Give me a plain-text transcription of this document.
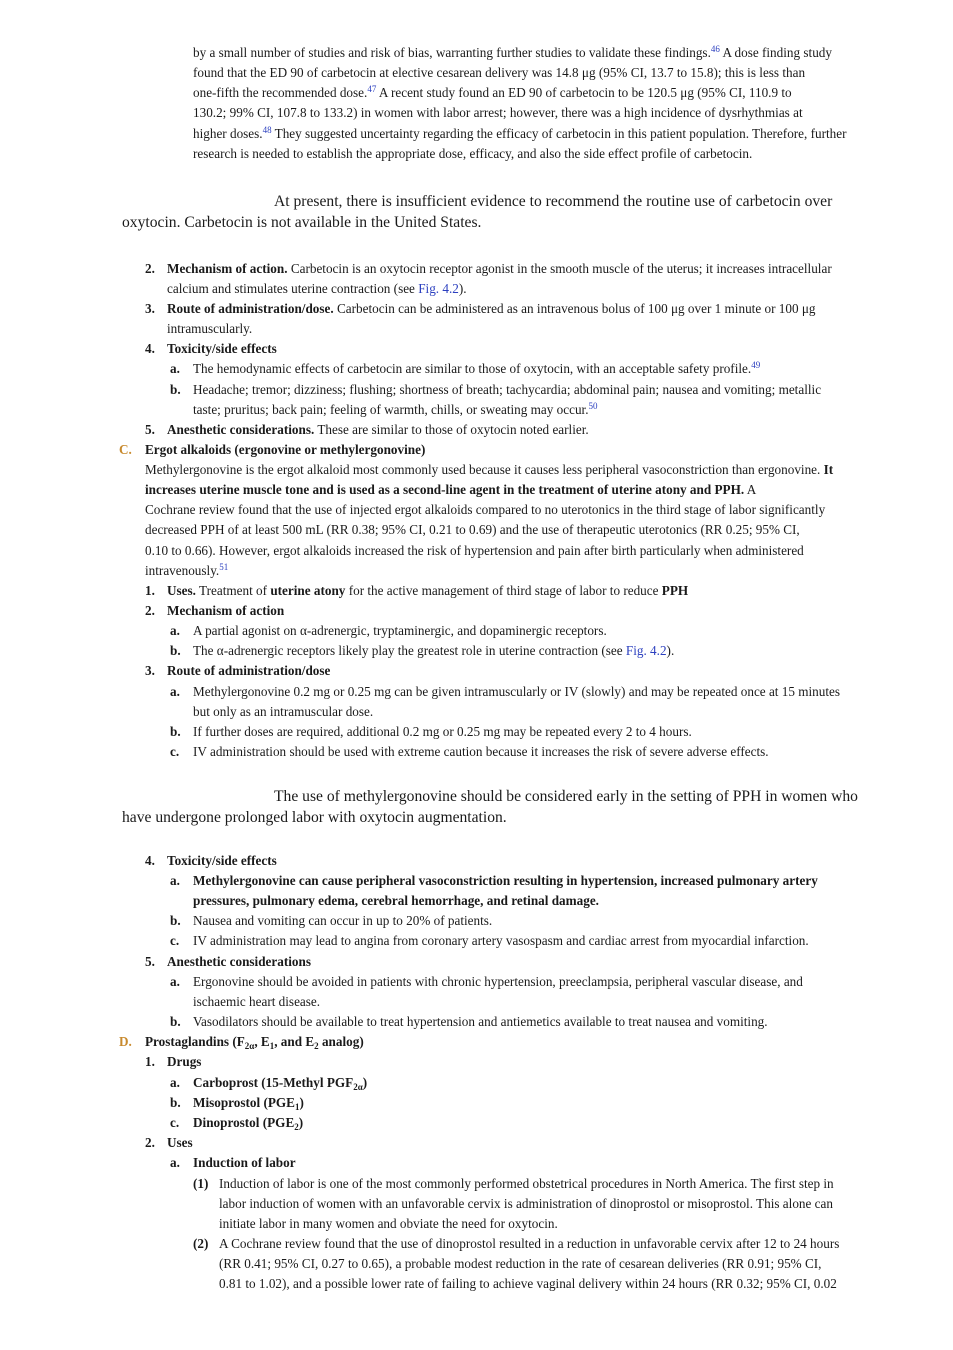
by a small number of studies and risk of bias, warranting further studies to validate these findings.$^{46}$ A dose finding study
found that the ED 90 of carbetocin at elective cesarean delivery was 14.8 μg (95% CI, 13.7 to 15.8); this is less than
one-fifth the recommended dose.$^{47}$ A recent study found an ED 90 of carbetocin to be 120.5 μg (95% CI, 110.9 to
130.2; 99% CI, 107.8 to 133.2) in women with labor arrest; however, there was a high incidence of dysrhythmias at
higher doses.$^{48}$ They suggested uncertainty regarding the efficacy of carbetocin in this patient population. Therefore, further
research is needed to establish the appropriate dose, efficacy, and also the side effect profile of carbetocin.
At present, there is insufficient evidence to recommend the routine use of carbetocin over
oxytocin. Carbetocin is not available in the United States.
2. Mechanism of action. Carbetocin is an oxytocin receptor agonist in the smooth muscle of the uterus; it increases intracellular
calcium and stimulates uterine contraction (see Fig. 4.2).
3. Route of administration/dose. Carbetocin can be administered as an intravenous bolus of 100 μg over 1 minute or 100 μg
intramuscularly.
4. Toxicity/side effects
a. The hemodynamic effects of carbetocin are similar to those of oxytocin, with an acceptable safety profile.$^{49}$
b. Headache; tremor; dizziness; flushing; shortness of breath; tachycardia; abdominal pain; nausea and vomiting; metallic
taste; pruritus; back pain; feeling of warmth, chills, or sweating may occur.$^{50}$
5. Anesthetic considerations. These are similar to those of oxytocin noted earlier.
C. Ergot alkaloids (ergonovine or methylergonovine)
Methylergonovine is the ergot alkaloid most commonly used because it causes less peripheral vasoconstriction than ergonovine. It
increases uterine muscle tone and is used as a second-line agent in the treatment of uterine atony and PPH. A
Cochrane review found that the use of injected ergot alkaloids compared to no uterotonics in the third stage of labor significantly
decreased PPH of at least 500 mL (RR 0.38; 95% CI, 0.21 to 0.69) and the use of therapeutic uterotonics (RR 0.25; 95% CI,
0.10 to 0.66). However, ergot alkaloids increased the risk of hypertension and pain after birth particularly when administered
intravenously.$^{51}$
1. Uses. Treatment of uterine atony for the active management of third stage of labor to reduce PPH
2. Mechanism of action
a. A partial agonist on α-adrenergic, tryptaminergic, and dopaminergic receptors.
b. The α-adrenergic receptors likely play the greatest role in uterine contraction (see Fig. 4.2).
3. Route of administration/dose
a. Methylergonovine 0.2 mg or 0.25 mg can be given intramuscularly or IV (slowly) and may be repeated once at 15 minutes
but only as an intramuscular dose.
b. If further doses are required, additional 0.2 mg or 0.25 mg may be repeated every 2 to 4 hours.
c. IV administration should be used with extreme caution because it increases the risk of severe adverse effects.
The use of methylergonovine should be considered early in the setting of PPH in women who
have undergone prolonged labor with oxytocin augmentation.
4. Toxicity/side effects
a. Methylergonovine can cause peripheral vasoconstriction resulting in hypertension, increased pulmonary artery
pressures, pulmonary edema, cerebral hemorrhage, and retinal damage.
b. Nausea and vomiting can occur in up to 20% of patients.
c. IV administration may lead to angina from coronary artery vasospasm and cardiac arrest from myocardial infarction.
5. Anesthetic considerations
a. Ergonovine should be avoided in patients with chronic hypertension, preeclampsia, peripheral vascular disease, and
ischaemic heart disease.
b. Vasodilators should be available to treat hypertension and antiemetics available to treat nausea and vomiting.
D. Prostaglandins ($F_{2\alpha}$, $E_1$, and $E_2$ analog)
1. Drugs
a. Carboprost (15-Methyl $PGF_{2\alpha}$)
b. Misoprostol $(PGE_1)$
c. Dinoprostol $(PGE_2)$
2. Uses
a. Induction of labor
(1) Induction of labor is one of the most commonly performed obstetrical procedures in North America. The first step in
labor induction of women with an unfavorable cervix is administration of dinoprostol or misoprostol. This alone can
initiate labor in many women and obviate the need for oxytocin.
(2) A Cochrane review found that the use of dinoprostol resulted in a reduction in unfavorable cervix after 12 to 24 hours
(RR 0.41; 95% CI, 0.27 to 0.65), a probable modest reduction in the rate of cesarean deliveries (RR 0.91; 95% CI,
0.81 to 1.02), and a possible lower rate of failing to achieve vaginal delivery within 24 hours (RR 0.32; 95% CI, 0.02
